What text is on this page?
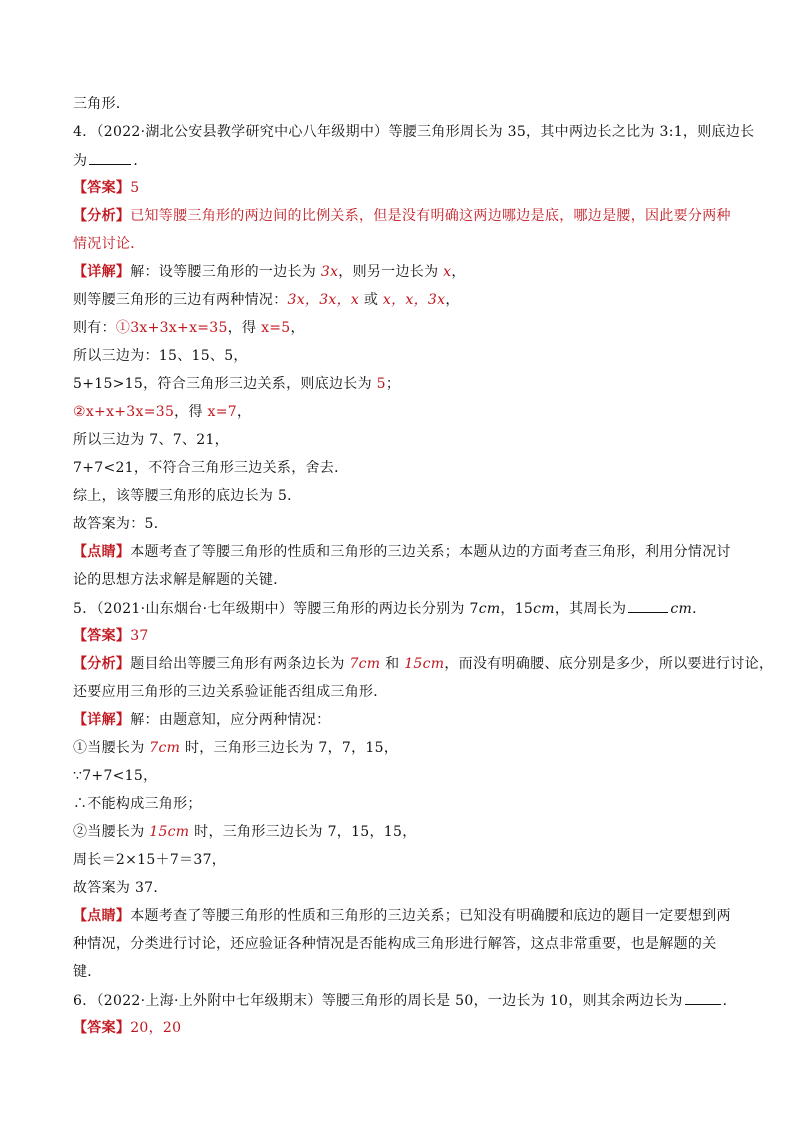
三角形．
4．（2022·湖北公安县教学研究中心八年级期中）等腰三角形周长为 35，其中两边长之比为 3:1，则底边长
为	．
【答案】5
【分析】已知等腰三角形的两边间的比例关系，但是没有明确这两边哪边是底，哪边是腰，因此要分两种
情况讨论．
【详解】解：设等腰三角形的一边长为 3x，则另一边长为 x，
则等腰三角形的三边有两种情况：3x，3x，x 或 x，x，3x，
则有：①3x+3x+x=35，得 x=5，
所以三边为：15、15、5，
5+15>15，符合三角形三边关系，则底边长为 5；
②x+x+3x=35，得 x=7，
所以三边为 7、7、21，
7+7<21，不符合三角形三边关系，舍去．
综上，该等腰三角形的底边长为 5．
故答案为：5．
【点睛】本题考查了等腰三角形的性质和三角形的三边关系；本题从边的方面考查三角形，利用分情况讨
论的思想方法求解是解题的关键．
5．（2021·山东烟台·七年级期中）等腰三角形的两边长分别为 7cm，15cm，其周长为	cm．
【答案】37
【分析】题目给出等腰三角形有两条边长为 7cm 和 15cm，而没有明确腰、底分别是多少，所以要进行讨论，
还要应用三角形的三边关系验证能否组成三角形．
【详解】解：由题意知，应分两种情况：
①当腰长为 7cm 时，三角形三边长为 7，7，15，
∵7+7<15，
∴不能构成三角形；
②当腰长为 15cm 时，三角形三边长为 7，15，15，
周长＝2×15＋7＝37，
故答案为 37．
【点睛】本题考查了等腰三角形的性质和三角形的三边关系；已知没有明确腰和底边的题目一定要想到两
种情况，分类进行讨论，还应验证各种情况是否能构成三角形进行解答，这点非常重要，也是解题的关
键．
6．（2022·上海·上外附中七年级期末）等腰三角形的周长是 50，一边长为 10，则其余两边长为	．
【答案】20，20
